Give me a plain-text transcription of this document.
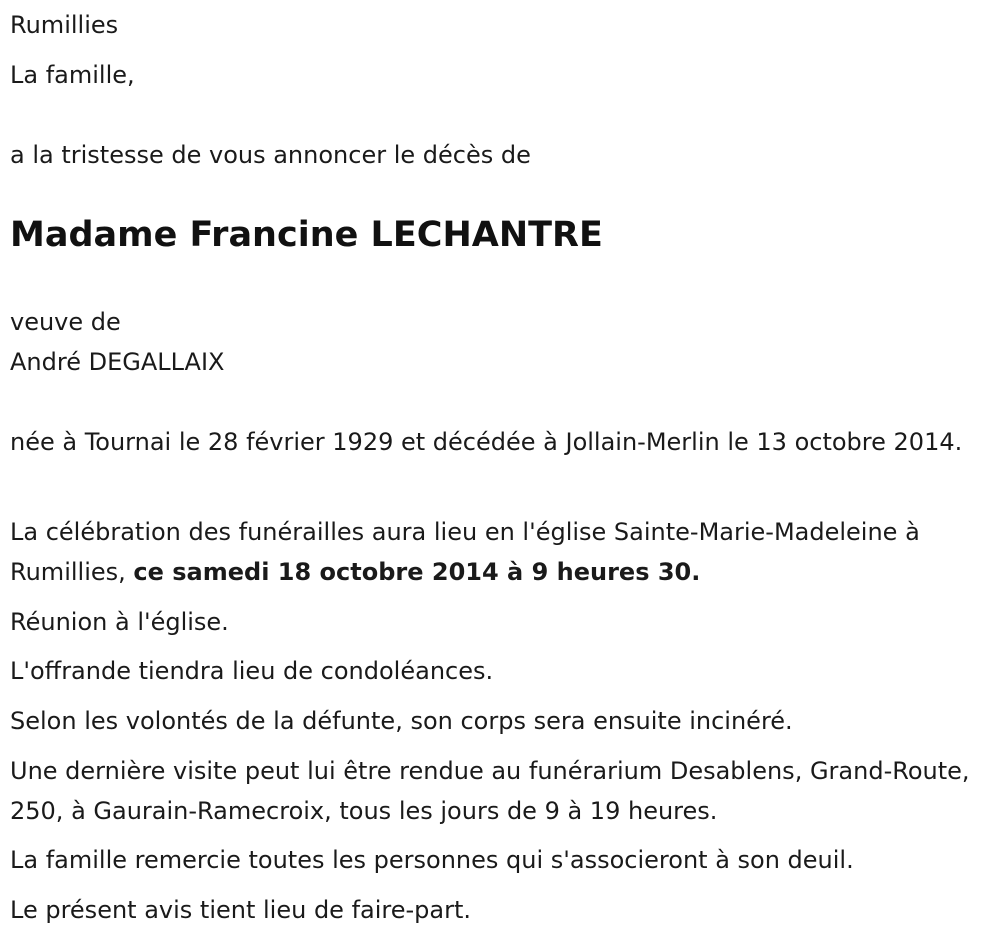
Rumillies
La famille,
a la tristesse de vous annoncer le décès de
Madame Francine LECHANTRE
veuve de
André DEGALLAIX
née à Tournai le 28 février 1929 et décédée à Jollain-Merlin le 13 octobre 2014.
La célébration des funérailles aura lieu en l'église Sainte-Marie-Madeleine à Rumillies, ce samedi 18 octobre 2014 à 9 heures 30.
Réunion à l'église.
L'offrande tiendra lieu de condoléances.
Selon les volontés de la défunte, son corps sera ensuite incinéré.
Une dernière visite peut lui être rendue au funérarium Desablens, Grand-Route, 250, à Gaurain-Ramecroix, tous les jours de 9 à 19 heures.
La famille remercie toutes les personnes qui s'associeront à son deuil.
Le présent avis tient lieu de faire-part.
